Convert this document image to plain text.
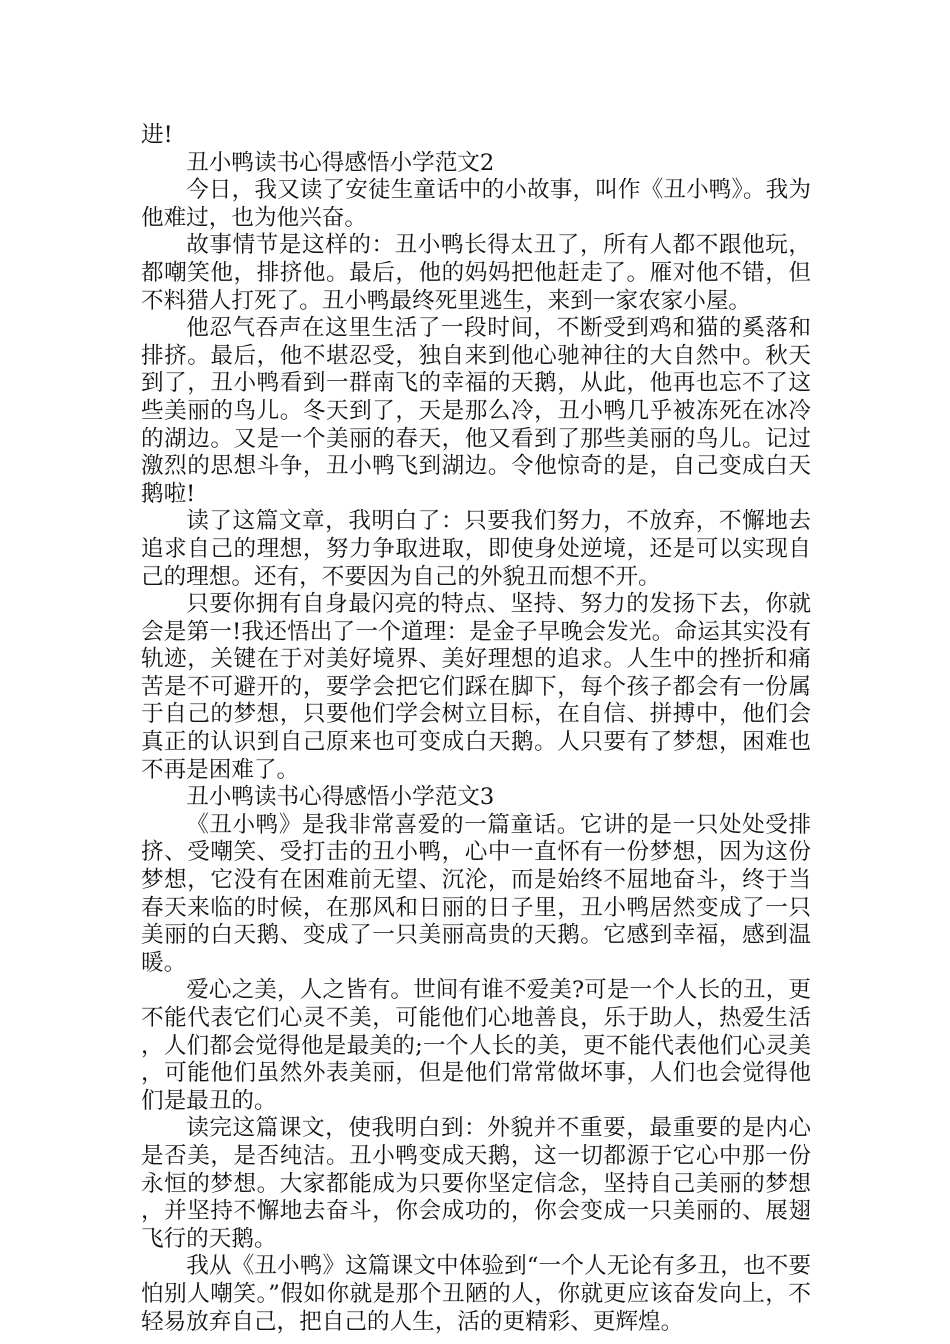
进!

丑小鸭读书心得感悟小学范文2

今日，我又读了安徒生童话中的小故事，叫作《丑小鸭》。我为他难过，也为他兴奋。

故事情节是这样的：丑小鸭长得太丑了，所有人都不跟他玩，都嘲笑他，排挤他。最后，他的妈妈把他赶走了。雁对他不错，但不料猎人打死了。丑小鸭最终死里逃生，来到一家农家小屋。

他忍气吞声在这里生活了一段时间，不断受到鸡和猫的奚落和排挤。最后，他不堪忍受，独自来到他心驰神往的大自然中。秋天到了，丑小鸭看到一群南飞的幸福的天鹅，从此，他再也忘不了这些美丽的鸟儿。冬天到了，天是那么冷，丑小鸭几乎被冻死在冰冷的湖边。又是一个美丽的春天，他又看到了那些美丽的鸟儿。记过激烈的思想斗争，丑小鸭飞到湖边。令他惊奇的是，自己变成白天鹅啦!

读了这篇文章，我明白了：只要我们努力，不放弃，不懈地去追求自己的理想，努力争取进取，即使身处逆境，还是可以实现自己的理想。还有，不要因为自己的外貌丑而想不开。

只要你拥有自身最闪亮的特点、坚持、努力的发扬下去，你就会是第一!我还悟出了一个道理：是金子早晚会发光。命运其实没有轨迹，关键在于对美好境界、美好理想的追求。人生中的挫折和痛苦是不可避开的，要学会把它们踩在脚下，每个孩子都会有一份属于自己的梦想，只要他们学会树立目标，在自信、拼搏中，他们会真正的认识到自己原来也可变成白天鹅。人只要有了梦想，困难也不再是困难了。

丑小鸭读书心得感悟小学范文3

《丑小鸭》是我非常喜爱的一篇童话。它讲的是一只处处受排挤、受嘲笑、受打击的丑小鸭，心中一直怀有一份梦想，因为这份梦想，它没有在困难前无望、沉沦，而是始终不屈地奋斗，终于当春天来临的时候，在那风和日丽的日子里，丑小鸭居然变成了一只美丽的白天鹅、变成了一只美丽高贵的天鹅。它感到幸福，感到温暖。

爱心之美，人之皆有。世间有谁不爱美?可是一个人长的丑，更不能代表它们心灵不美，可能他们心地善良，乐于助人，热爱生活，人们都会觉得他是最美的;一个人长的美，更不能代表他们心灵美，可能他们虽然外表美丽，但是他们常常做坏事，人们也会觉得他们是最丑的。

读完这篇课文，使我明白到：外貌并不重要，最重要的是内心是否美，是否纯洁。丑小鸭变成天鹅，这一切都源于它心中那一份永恒的梦想。大家都能成为只要你坚定信念，坚持自己美丽的梦想，并坚持不懈地去奋斗，你会成功的，你会变成一只美丽的、展翅飞行的天鹅。

我从《丑小鸭》这篇课文中体验到“一个人无论有多丑，也不要怕别人嘲笑。”假如你就是那个丑陋的人，你就更应该奋发向上，不轻易放弃自己，把自己的人生，活的更精彩、更辉煌。
